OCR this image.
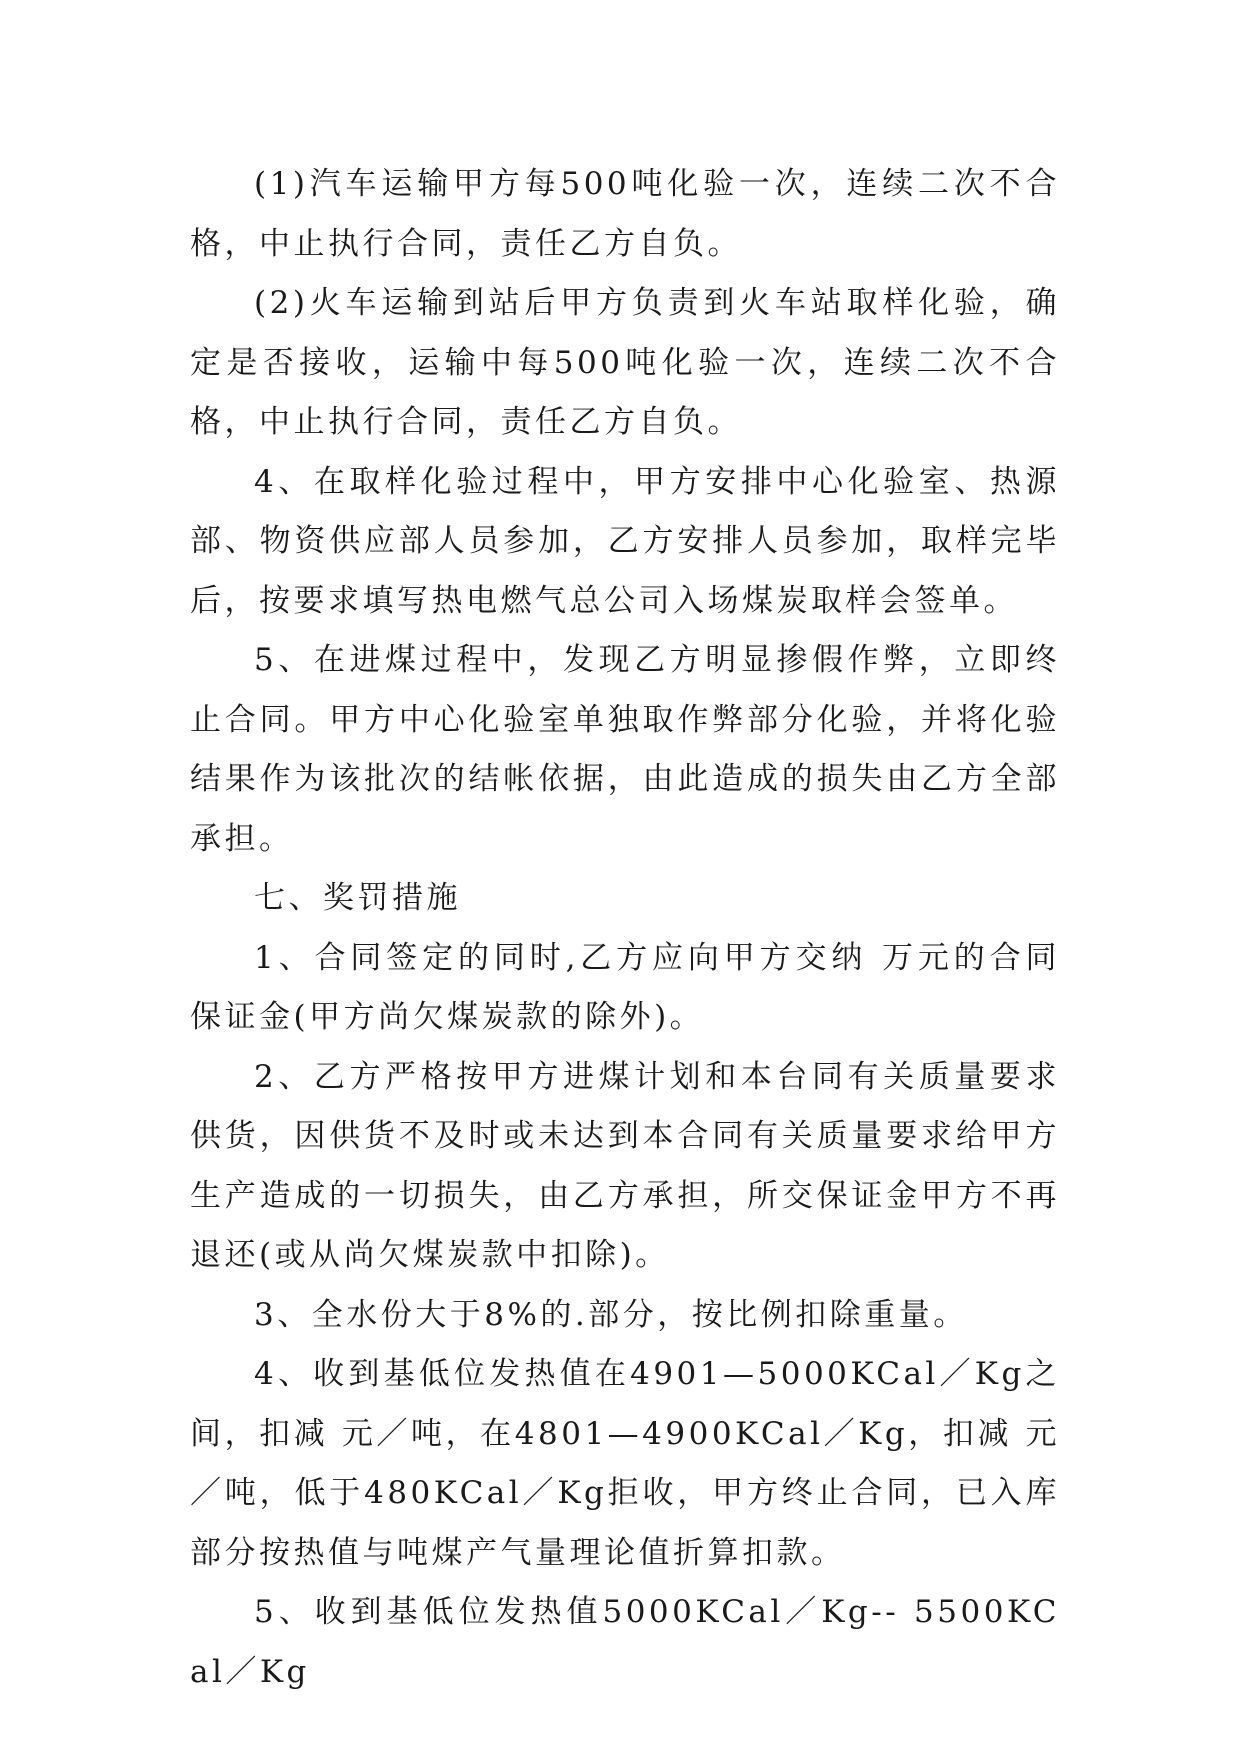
(1)汽车运输甲方每500吨化验一次，连续二次不合格，中止执行合同，责任乙方自负。

(2)火车运输到站后甲方负责到火车站取样化验，确定是否接收，运输中每500吨化验一次，连续二次不合格，中止执行合同，责任乙方自负。

4、在取样化验过程中，甲方安排中心化验室、热源部、物资供应部人员参加，乙方安排人员参加，取样完毕后，按要求填写热电燃气总公司入场煤炭取样会签单。

5、在进煤过程中，发现乙方明显掺假作弊，立即终止合同。甲方中心化验室单独取作弊部分化验，并将化验结果作为该批次的结帐依据，由此造成的损失由乙方全部承担。

七、奖罚措施

1、合同签定的同时,乙方应向甲方交纳 万元的合同保证金(甲方尚欠煤炭款的除外)。

2、乙方严格按甲方进煤计划和本台同有关质量要求供货，因供货不及时或未达到本合同有关质量要求给甲方生产造成的一切损失，由乙方承担，所交保证金甲方不再退还(或从尚欠煤炭款中扣除)。

3、全水份大于8%的.部分，按比例扣除重量。

4、收到基低位发热值在4901—5000KCal／Kg之间，扣减 元／吨，在4801—4900KCal／Kg，扣减 元／吨，低于480KCal／Kg拒收，甲方终止合同，已入库部分按热值与吨煤产气量理论值折算扣款。

5、收到基低位发热值5000KCal／Kg-- 5500KCal／Kg
